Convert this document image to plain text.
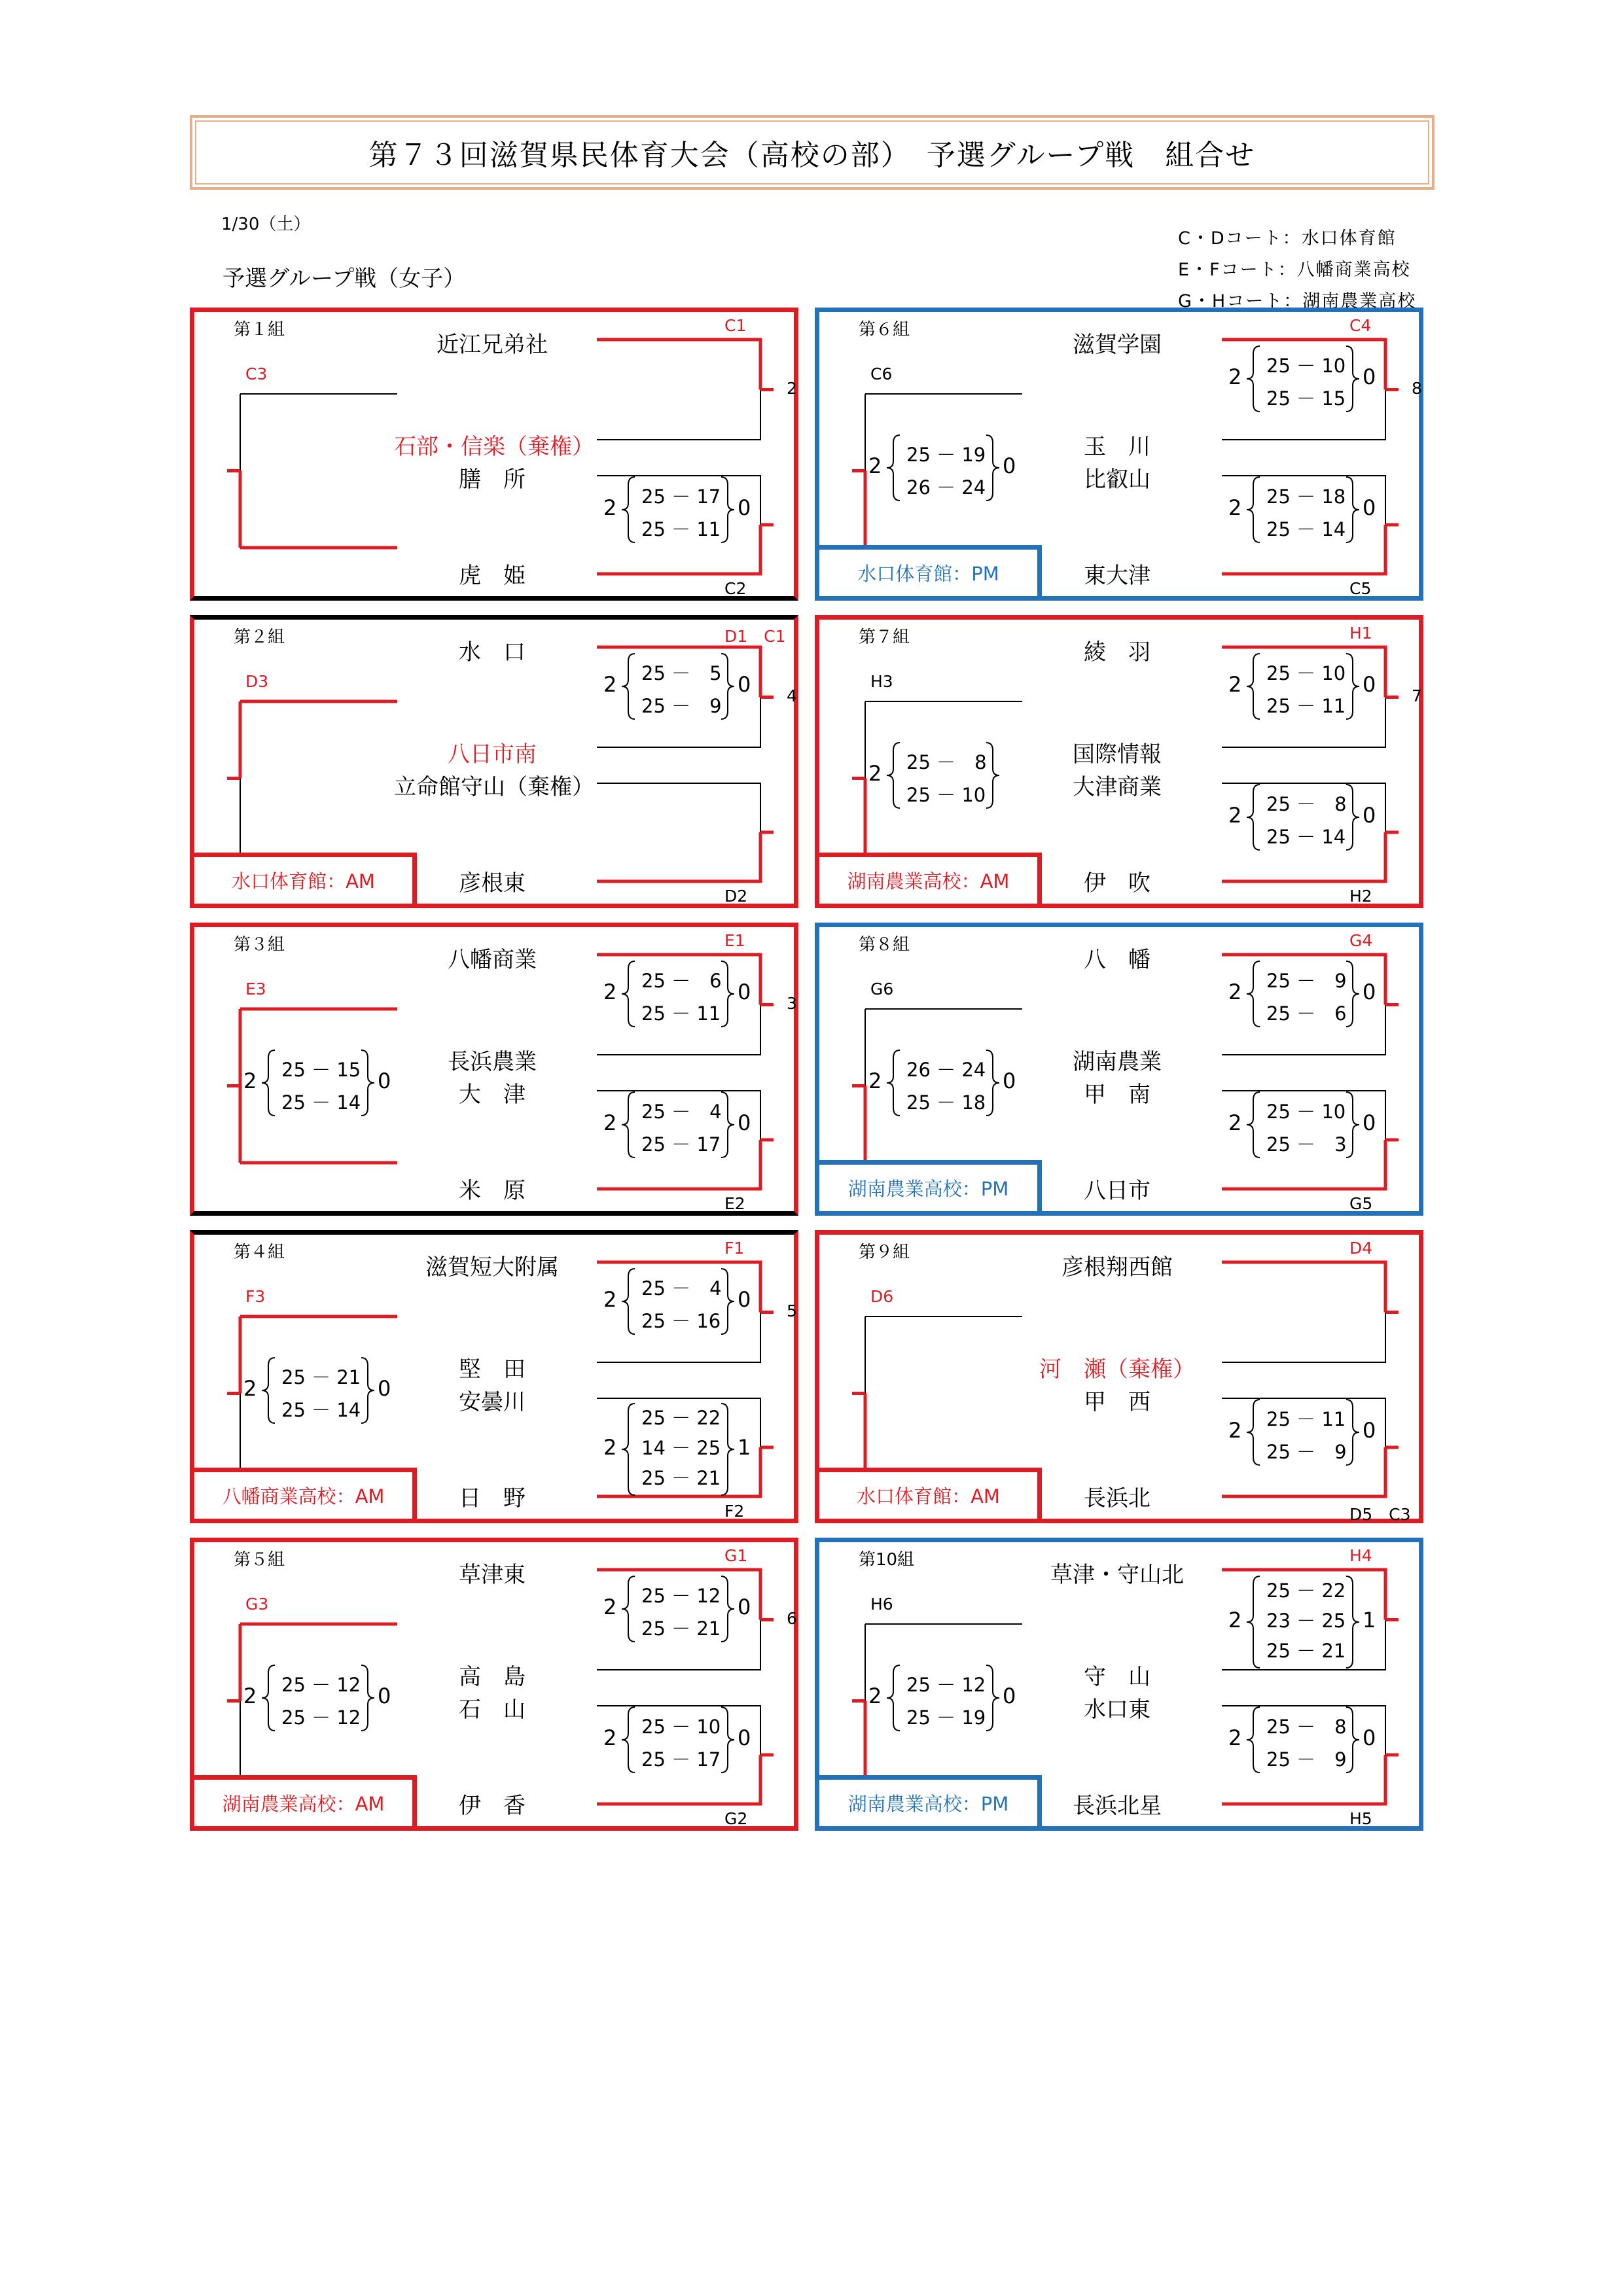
第７３回滋賀県民体育大会（高校の部）　予選グループ戦　組合せ
1/30（土）
予選グループ戦（女子）
C・Dコート：水口体育館
E・Fコート：八幡商業高校
G・Hコート：湖南農業高校
第１組
近江兄弟社
石部・信楽（棄権）
膳　所
虎　姫
C1
C3
C2
2
2 25 － 17
25 － 11
0
第６組
滋賀学園
玉　川
比叡山
東大津
C4
C6
C5
8
2 25 － 10
25 － 15
0
2 25 － 18
25 － 14
0
2 25 － 19
26 － 24
0
水口体育館：PM
第２組
水　口
八日市南
立命館守山（棄権）
彦根東
D1　C1
D3
D2
4
2 25 －　5
25 －　9
0
水口体育館：AM
第７組
綾　羽
国際情報
大津商業
伊　吹
H1
H3
H2
7
2 25 － 10
25 － 11
0
2 25 －　8
25 － 14
0
2 25 －　8
25 － 10
湖南農業高校：AM
第３組
八幡商業
長浜農業
大　津
米　原
E1
E3
E2
3
2 25 －　6
25 － 11
0
2 25 －　4
25 － 17
0
2 25 － 15
25 － 14
0
第８組
八　幡
湖南農業
甲　南
八日市
G4
G6
G5
2 25 －　9
25 －　6
0
2 25 － 10
25 －　3
0
2 26 － 24
25 － 18
0
湖南農業高校：PM
第４組
滋賀短大附属
堅　田
安曇川
日　野
F1
F3
F2
5
2 25 －　4
25 － 16
0
2
25 － 22
14 － 25
25 － 21
1
2 25 － 21
25 － 14
0
八幡商業高校：AM
第９組
彦根翔西館
河　瀬（棄権）
甲　西
長浜北
D4
D6
D5　C3
2 25 － 11
25 －　9
0
水口体育館：AM
第５組
草津東
高　島
石　山
伊　香
G1
G3
G2
6
2 25 － 12
25 － 21
0
2 25 － 10
25 － 17
0
2 25 － 12
25 － 12
0
湖南農業高校：AM
第10組
草津・守山北
守　山
水口東
長浜北星
H4
H6
H5
2
25 － 22
23 － 25
25 － 21
1
2 25 －　8
25 －　9
0
2 25 － 12
25 － 19
0
湖南農業高校：PM
